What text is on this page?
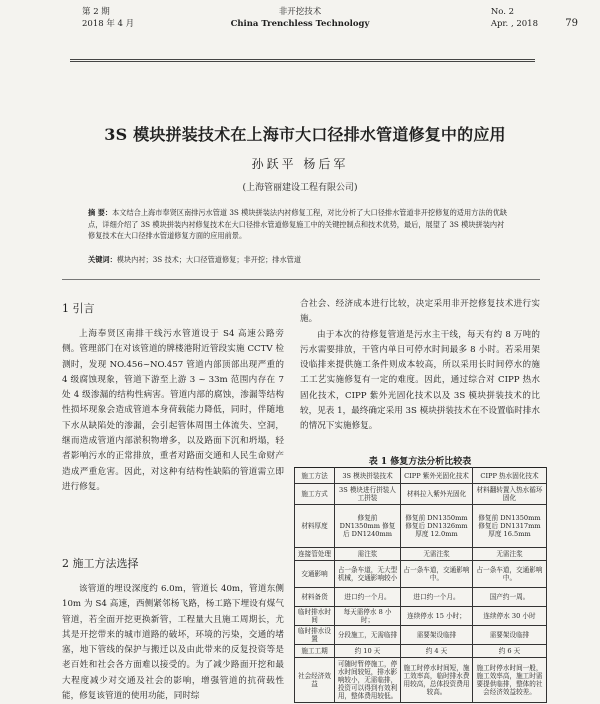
第 2 期
2018 年 4 月
非开挖技术
China Trenchless Technology
No. 2
Apr. , 2018	79
3S 模块拼装技术在上海市大口径排水管道修复中的应用
孙跃平 杨后军
(上海管丽建设工程有限公司)
摘 要：本文结合上海市奉贤区南排污水管道 3S 模块拼装法内衬修复工程，对比分析了大口径排水管道非开挖修复的适用方法的优缺点，详细介绍了 3S 模块拼装内衬修复技术在大口径排水管道修复施工中的关键控制点和技术优势，最后，展望了 3S 模块拼装内衬修复技术在大口径排水管道修复方面的应用前景。
关键词：模块内衬；3S 技术；大口径管道修复；非开挖；排水管道
1 引言

上海奉贤区南排干线污水管道设于 S4 高速公路旁侧。管理部门在对该管道的牌楼港附近管段实施 CCTV 检测时，发现 NO.456~NO.457 管道内部顶部出现严重的 4 级腐蚀现象，管道下游至上游 3 ~ 33m 范围内存在 7 处 4 级渗漏的结构性病害。管道内部的腐蚀，渗漏等结构性损坏现象会造成管道本身荷载能力降低，同时，伴随地下水从缺陷处的渗漏，会引起管体周围土体流失、空洞，继而造成管道内部淤积物增多，以及路面下沉和坍塌，轻者影响污水的正常排放，重者对路面交通和人民生命财产造成严重危害。因此，对这种有结构性缺陷的管道需立即进行修复。

2 施工方法选择

该管道的埋设深度约 6.0m，管道长 40m，管道东侧 10m 为 S4 高速，西侧紧邻杨飞路，杨工路下埋设有煤气管道，若全面开挖更换新管，工程量大且施工周期长，尤其是开挖带来的城市道路的破坏，环境的污染，交通的堵塞，地下管线的保护与搬迁以及由此带来的反复投资等是老百姓和社会各方面难以接受的。为了减少路面开挖和最大程度减少对交通及社会的影响，增强管道的抗荷载性能，修复该管道的使用功能，同时综

合社会、经济成本进行比较，决定采用非开挖修复技术进行实施。

由于本次的待修复管道是污水主干线，每天有约 8 万吨的污水需要排放，干管内单日可停水时间最多 8 小时。若采用架设临排来提供施工条件则成本较高，所以采用长时间停水的施工工艺实施修复有一定的难度。因此，通过综合对 CIPP 热水固化技术，CIPP 紫外光固化技术以及 3S 模块拼装技术的比较，见表 1，最终确定采用 3S 模块拼装技术在不设置临时排水的情况下实施修复。

表 1 修复方法分析比较表
施工方法	3S 模块拼装技术	CIPP 紫外光固化技术	CIPP 热水固化技术
施工方式	3S 模块进行拼装人工拼装	材料拉入紫外光固化	材料翻转置入热水循环固化
材料厚度	修复前 DN1350mm 修复后 DN1240mm	修复前 DN1350mm 修复后 DN1326mm 厚度 12.0mm	修复前 DN1350mm 修复后 DN1317mm 厚度 16.5mm
连接管处理	需注浆	无需注浆	无需注浆
交通影响	占一条车道，无大型机械，交通影响较小	占一条车道，交通影响中。	占一条车道，交通影响中。
材料备货	进口约一个月。	进口约一个月。	国产约一周。
临时排水时间	每天需停水 8 小时；	连续停水 15 小时；	连续停水 30 小时
临时排水设置	分段施工，无需临排	需要架设临排	需要架设临排
施工工期	约 10 天	约 4 天	约 6 天
社会经济效益	可随时暂停施工，停水时间较短，排水影响较小，无需临排，投资可以得到有效利用，整体费用较低。	施工时停水时间短，施工效率高，临时排水费用较高，总体投资费用较高。	施工时停水时间一般，施工效率高，施工时需要提供临排，整体的社会经济效益较差。
